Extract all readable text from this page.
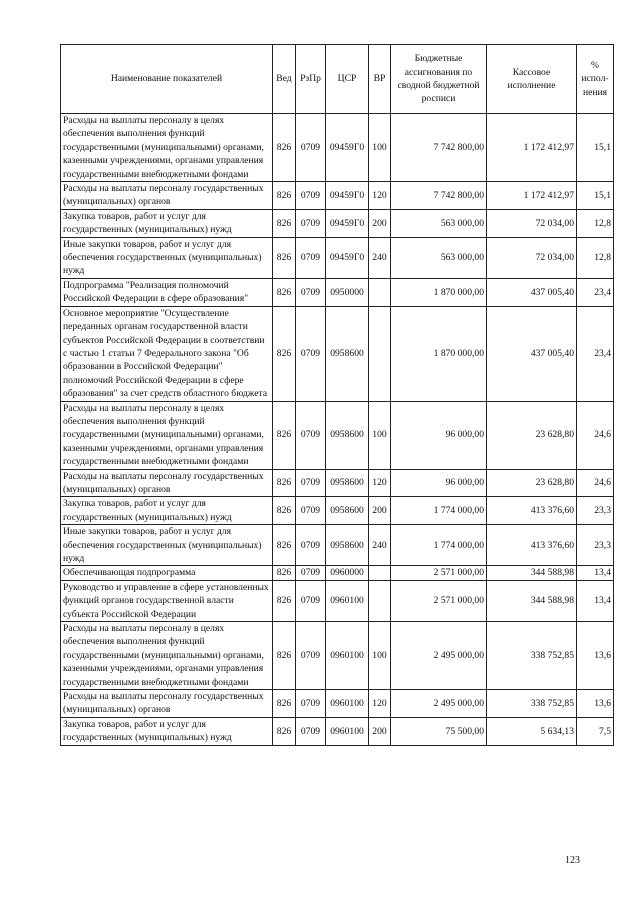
Наименование показателей	Вед	РзПр	ЦСР	ВР	Бюджетные ассигнования по сводной бюджетной росписи	Кассовое исполнение	% испол-нения
Расходы на выплаты персоналу в целях обеспечения выполнения функций государственными (муниципальными) органами, казенными учреждениями, органами управления государственными внебюджетными фондами	826	0709	09459Г0	100	7 742 800,00	1 172 412,97	15,1
Расходы на выплаты персоналу государственных (муниципальных) органов	826	0709	09459Г0	120	7 742 800,00	1 172 412,97	15,1
Закупка товаров, работ и услуг для государственных (муниципальных) нужд	826	0709	09459Г0	200	563 000,00	72 034,00	12,8
Иные закупки товаров, работ и услуг для обеспечения государственных (муниципальных) нужд	826	0709	09459Г0	240	563 000,00	72 034,00	12,8
Подпрограмма "Реализация полномочий Российской Федерации в сфере образования"	826	0709	0950000		1 870 000,00	437 005,40	23,4
Основное мероприятие "Осуществление переданных органам государственной власти субъектов Российской Федерации в соответствии с частью 1 статьи 7 Федерального закона "Об образовании в Российской Федерации" полномочий Российской Федерации в сфере образования" за счет средств областного бюджета	826	0709	0958600		1 870 000,00	437 005,40	23,4
Расходы на выплаты персоналу в целях обеспечения выполнения функций государственными (муниципальными) органами, казенными учреждениями, органами управления государственными внебюджетными фондами	826	0709	0958600	100	96 000,00	23 628,80	24,6
Расходы на выплаты персоналу государственных (муниципальных) органов	826	0709	0958600	120	96 000,00	23 628,80	24,6
Закупка товаров, работ и услуг для государственных (муниципальных) нужд	826	0709	0958600	200	1 774 000,00	413 376,60	23,3
Иные закупки товаров, работ и услуг для обеспечения государственных (муниципальных) нужд	826	0709	0958600	240	1 774 000,00	413 376,60	23,3
Обеспечивающая подпрограмма	826	0709	0960000		2 571 000,00	344 588,98	13,4
Руководство и управление в сфере установленных функций органов государственной власти субъекта Российской Федерации	826	0709	0960100		2 571 000,00	344 588,98	13,4
Расходы на выплаты персоналу в целях обеспечения выполнения функций государственными (муниципальными) органами, казенными учреждениями, органами управления государственными внебюджетными фондами	826	0709	0960100	100	2 495 000,00	338 752,85	13,6
Расходы на выплаты персоналу государственных (муниципальных) органов	826	0709	0960100	120	2 495 000,00	338 752,85	13,6
Закупка товаров, работ и услуг для государственных (муниципальных) нужд	826	0709	0960100	200	75 500,00	5 634,13	7,5
123
